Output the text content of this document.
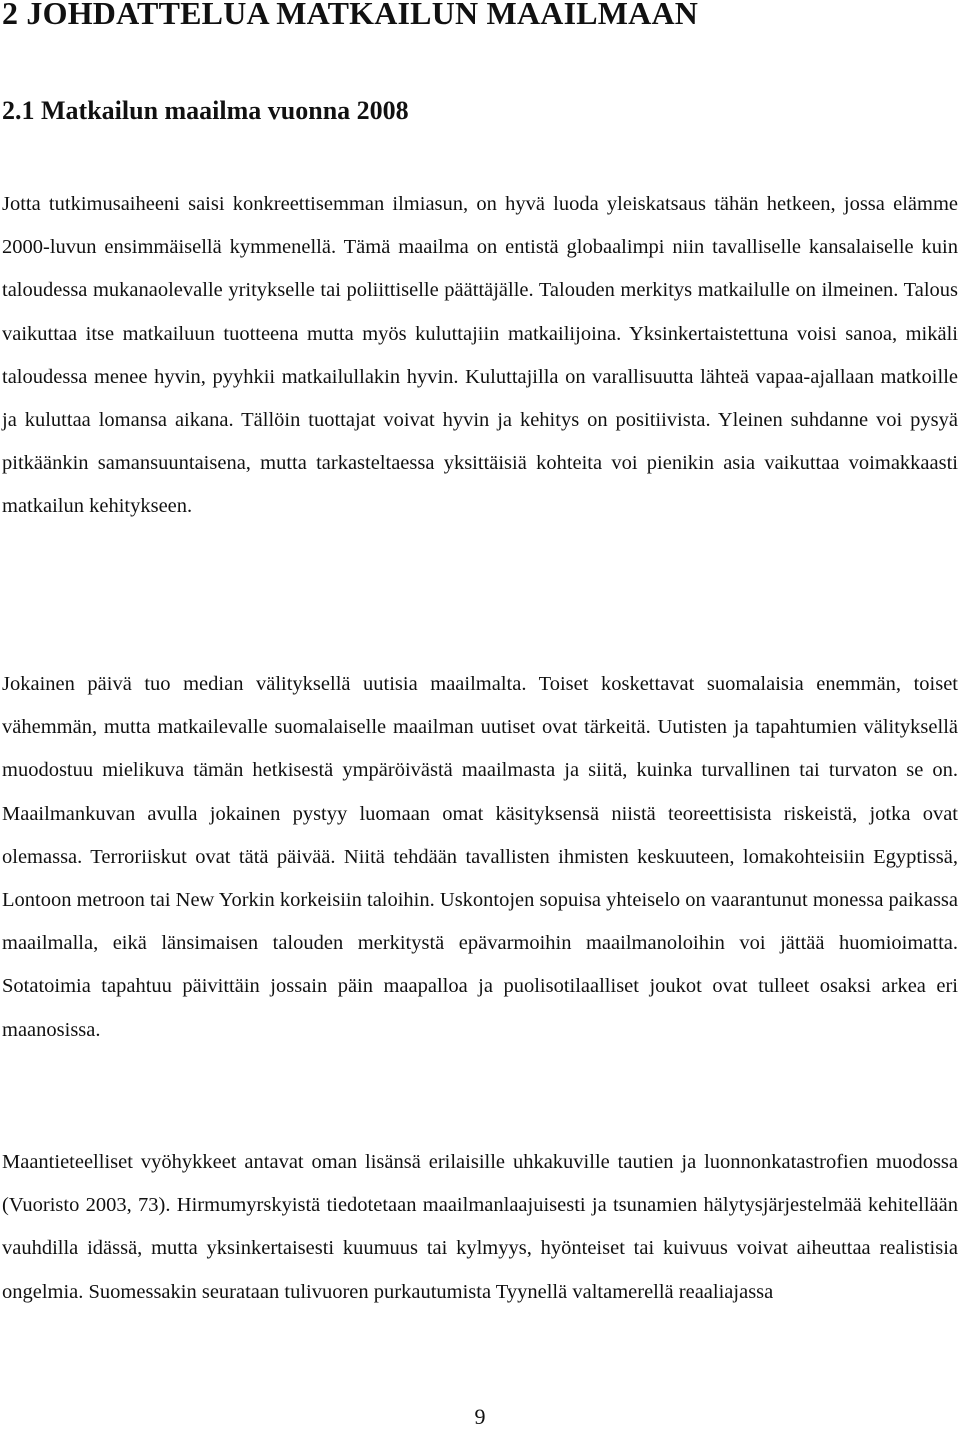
2 JOHDATTELUA MATKAILUN MAAILMAAN
2.1 Matkailun maailma vuonna 2008

Jotta tutkimusaiheeni saisi konkreettisemman ilmiasun, on hyvä luoda yleiskatsaus tähän hetkeen, jossa elämme 2000-luvun ensimmäisellä kymmenellä. Tämä maailma on entistä globaalimpi niin tavalliselle kansalaiselle kuin taloudessa mukanaolevalle yritykselle tai poliittiselle päättäjälle. Talouden merkitys matkailulle on ilmeinen. Talous vaikuttaa itse matkailuun tuotteena mutta myös kuluttajiin matkailijoina. Yksinkertaistettuna voisi sanoa, mikäli taloudessa menee hyvin, pyyhkii matkailullakin hyvin. Kuluttajilla on varallisuutta lähteä vapaa-ajallaan matkoille ja kuluttaa lomansa aikana. Tällöin tuottajat voivat hyvin ja kehitys on positiivista. Yleinen suhdanne voi pysyä pitkäänkin samansuuntaisena, mutta tarkasteltaessa yksittäisiä kohteita voi pienikin asia vaikuttaa voimakkaasti matkailun kehitykseen.

Jokainen päivä tuo median välityksellä uutisia maailmalta. Toiset koskettavat suomalaisia enemmän, toiset vähemmän, mutta matkailevalle suomalaiselle maailman uutiset ovat tärkeitä. Uutisten ja tapahtumien välityksellä muodostuu mielikuva tämän hetkisestä ympäröivästä maailmasta ja siitä, kuinka turvallinen tai turvaton se on. Maailmankuvan avulla jokainen pystyy luomaan omat käsityksensä niistä teoreettisista riskeistä, jotka ovat olemassa. Terroriiskut ovat tätä päivää. Niitä tehdään tavallisten ihmisten keskuuteen, lomakohteisiin Egyptissä, Lontoon metroon tai New Yorkin korkeisiin taloihin. Uskontojen sopuisa yhteiselo on vaarantunut monessa paikassa maailmalla, eikä länsimaisen talouden merkitystä epävarmoihin maailmanoloihin voi jättää huomioimatta. Sotatoimia tapahtuu päivittäin jossain päin maapalloa ja puolisotilaalliset joukot ovat tulleet osaksi arkea eri maanosissa.

Maantieteelliset vyöhykkeet antavat oman lisänsä erilaisille uhkakuville tautien ja luonnonkatastrofien muodossa (Vuoristo 2003, 73). Hirmumyrskyistä tiedotetaan maailmanlaajuisesti ja tsunamien hälytysjärjestelmää kehitellään vauhdilla idässä, mutta yksinkertaisesti kuumuus tai kylmyys, hyönteiset tai kuivuus voivat aiheuttaa realistisia ongelmia. Suomessakin seurataan tulivuoren purkautumista Tyynellä valtamerellä reaaliajassa

9
